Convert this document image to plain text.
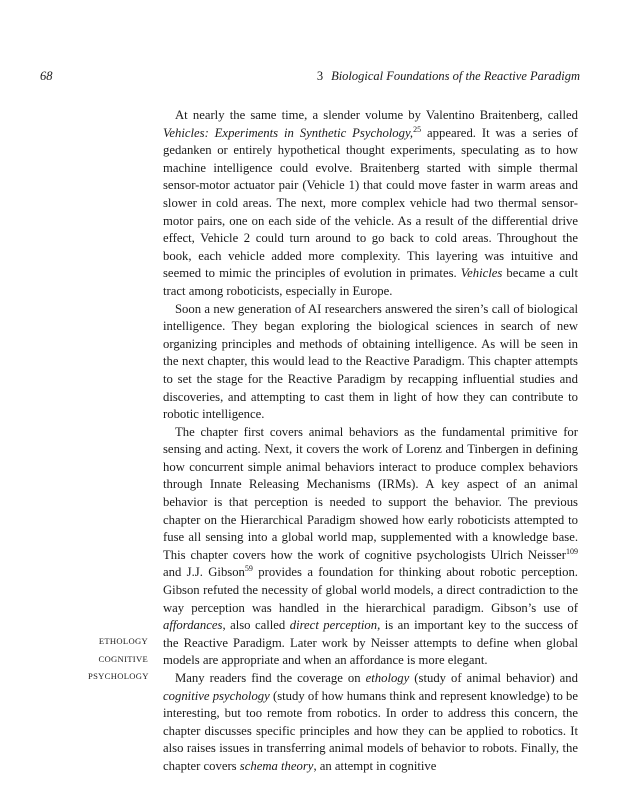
68	3 Biological Foundations of the Reactive Paradigm
ETHOLOGY
COGNITIVE
PSYCHOLOGY

At nearly the same time, a slender volume by Valentino Braitenberg, called Vehicles: Experiments in Synthetic Psychology,$^{25}$ appeared. It was a series of gedanken or entirely hypothetical thought experiments, speculating as to how machine intelligence could evolve. Braitenberg started with simple thermal sensor-motor actuator pair (Vehicle 1) that could move faster in warm areas and slower in cold areas. The next, more complex vehicle had two thermal sensor-motor pairs, one on each side of the vehicle. As a result of the differential drive effect, Vehicle 2 could turn around to go back to cold areas. Throughout the book, each vehicle added more complexity. This layering was intuitive and seemed to mimic the principles of evolution in primates. Vehicles became a cult tract among roboticists, especially in Europe.

Soon a new generation of AI researchers answered the siren’s call of biological intelligence. They began exploring the biological sciences in search of new organizing principles and methods of obtaining intelligence. As will be seen in the next chapter, this would lead to the Reactive Paradigm. This chapter attempts to set the stage for the Reactive Paradigm by recapping influential studies and discoveries, and attempting to cast them in light of how they can contribute to robotic intelligence.

The chapter first covers animal behaviors as the fundamental primitive for sensing and acting. Next, it covers the work of Lorenz and Tinbergen in defining how concurrent simple animal behaviors interact to produce complex behaviors through Innate Releasing Mechanisms (IRMs). A key aspect of an animal behavior is that perception is needed to support the behavior. The previous chapter on the Hierarchical Paradigm showed how early roboticists attempted to fuse all sensing into a global world map, supplemented with a knowledge base. This chapter covers how the work of cognitive psychologists Ulrich Neisser$^{109}$ and J.J. Gibson$^{59}$ provides a foundation for thinking about robotic perception. Gibson refuted the necessity of global world models, a direct contradiction to the way perception was handled in the hierarchical paradigm. Gibson’s use of affordances, also called direct perception, is an important key to the success of the Reactive Paradigm. Later work by Neisser attempts to define when global models are appropriate and when an affordance is more elegant.

Many readers find the coverage on ethology (study of animal behavior) and cognitive psychology (study of how humans think and represent knowledge) to be interesting, but too remote from robotics. In order to address this concern, the chapter discusses specific principles and how they can be applied to robotics. It also raises issues in transferring animal models of behavior to robots. Finally, the chapter covers schema theory, an attempt in cognitive
